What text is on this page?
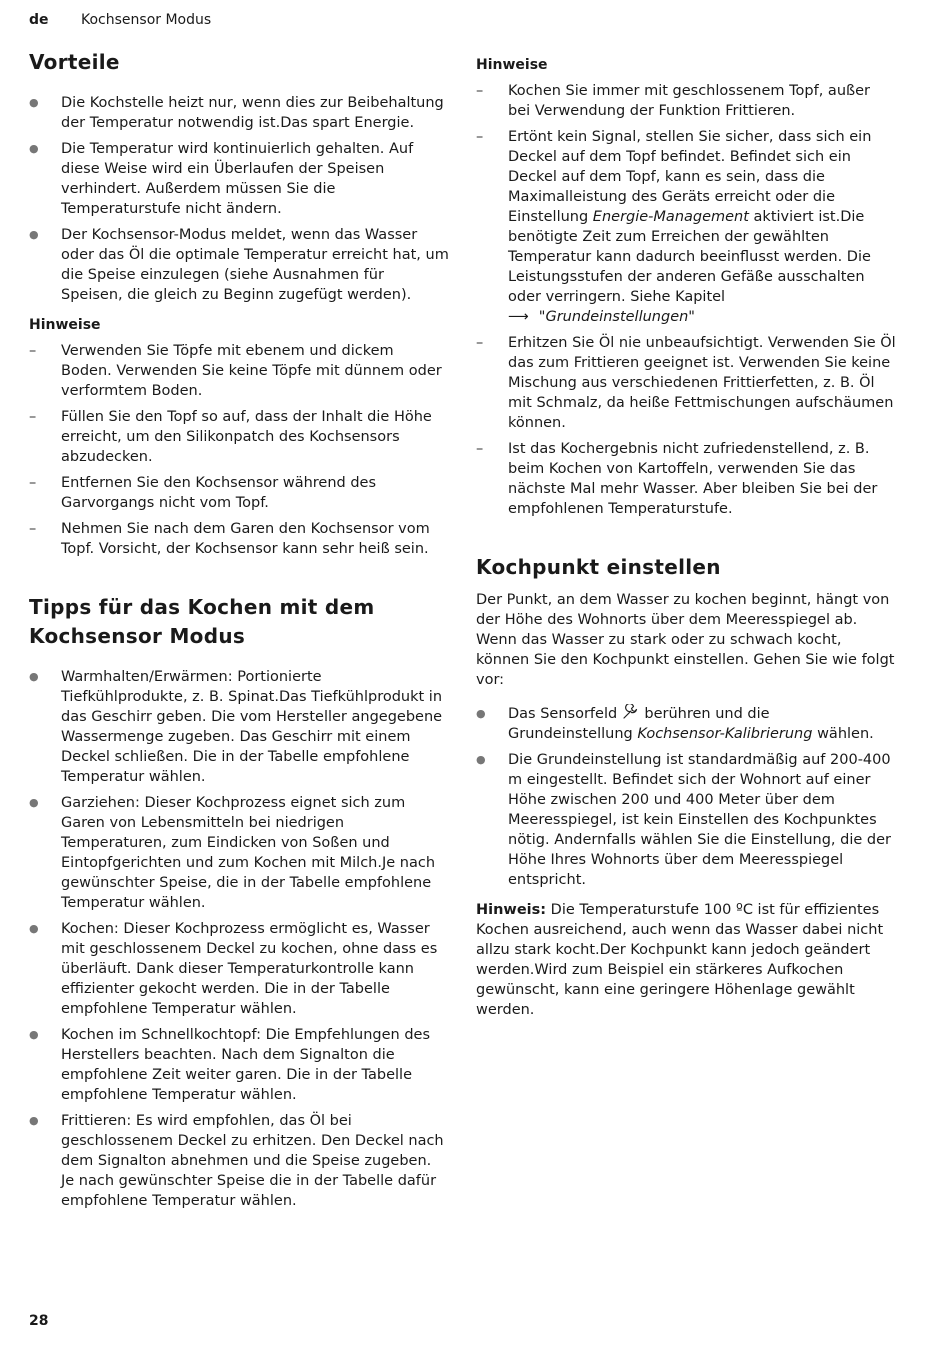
de	Kochsensor Modus
Vorteile
● Die Kochstelle heizt nur, wenn dies zur Beibehaltung der Temperatur notwendig ist.Das spart Energie.
● Die Temperatur wird kontinuierlich gehalten. Auf diese Weise wird ein Überlaufen der Speisen verhindert. Außerdem müssen Sie die Temperaturstufe nicht ändern.
● Der Kochsensor-Modus meldet, wenn das Wasser oder das Öl die optimale Temperatur erreicht hat, um die Speise einzulegen (siehe Ausnahmen für Speisen, die gleich zu Beginn zugefügt werden).
Hinweise
– Verwenden Sie Töpfe mit ebenem und dickem Boden. Verwenden Sie keine Töpfe mit dünnem oder verformtem Boden.
– Füllen Sie den Topf so auf, dass der Inhalt die Höhe erreicht, um den Silikonpatch des Kochsensors abzudecken.
– Entfernen Sie den Kochsensor während des Garvorgangs nicht vom Topf.
– Nehmen Sie nach dem Garen den Kochsensor vom Topf. Vorsicht, der Kochsensor kann sehr heiß sein.
Tipps für das Kochen mit dem Kochsensor Modus
● Warmhalten/Erwärmen: Portionierte Tiefkühlprodukte, z. B. Spinat.Das Tiefkühlprodukt in das Geschirr geben. Die vom Hersteller angegebene Wassermenge zugeben. Das Geschirr mit einem Deckel schließen. Die in der Tabelle empfohlene Temperatur wählen.
● Garziehen: Dieser Kochprozess eignet sich zum Garen von Lebensmitteln bei niedrigen Temperaturen, zum Eindicken von Soßen und Eintopfgerichten und zum Kochen mit Milch.Je nach gewünschter Speise, die in der Tabelle empfohlene Temperatur wählen.
● Kochen: Dieser Kochprozess ermöglicht es, Wasser mit geschlossenem Deckel zu kochen, ohne dass es überläuft. Dank dieser Temperaturkontrolle kann effizienter gekocht werden. Die in der Tabelle empfohlene Temperatur wählen.
● Kochen im Schnellkochtopf: Die Empfehlungen des Herstellers beachten. Nach dem Signalton die empfohlene Zeit weiter garen. Die in der Tabelle empfohlene Temperatur wählen.
● Frittieren: Es wird empfohlen, das Öl bei geschlossenem Deckel zu erhitzen. Den Deckel nach dem Signalton abnehmen und die Speise zugeben. Je nach gewünschter Speise die in der Tabelle dafür empfohlene Temperatur wählen.
Hinweise
– Kochen Sie immer mit geschlossenem Topf, außer bei Verwendung der Funktion Frittieren.
– Ertönt kein Signal, stellen Sie sicher, dass sich ein Deckel auf dem Topf befindet. Befindet sich ein Deckel auf dem Topf, kann es sein, dass die Maximalleistung des Geräts erreicht oder die Einstellung Energie-Management aktiviert ist.Die benötigte Zeit zum Erreichen der gewählten Temperatur kann dadurch beeinflusst werden. Die Leistungsstufen der anderen Gefäße ausschalten oder verringern. Siehe Kapitel
⟶ "Grundeinstellungen"
– Erhitzen Sie Öl nie unbeaufsichtigt. Verwenden Sie Öl das zum Frittieren geeignet ist. Verwenden Sie keine Mischung aus verschiedenen Frittierfetten, z. B. Öl mit Schmalz, da heiße Fettmischungen aufschäumen können.
– Ist das Kochergebnis nicht zufriedenstellend, z. B. beim Kochen von Kartoffeln, verwenden Sie das nächste Mal mehr Wasser. Aber bleiben Sie bei der empfohlenen Temperaturstufe.
Kochpunkt einstellen

Der Punkt, an dem Wasser zu kochen beginnt, hängt von der Höhe des Wohnorts über dem Meeresspiegel ab. Wenn das Wasser zu stark oder zu schwach kocht, können Sie den Kochpunkt einstellen. Gehen Sie wie folgt vor:

● Das Sensorfeld  berühren und die Grundeinstellung Kochsensor-Kalibrierung wählen.
● Die Grundeinstellung ist standardmäßig auf 200-400 m eingestellt. Befindet sich der Wohnort auf einer Höhe zwischen 200 und 400 Meter über dem Meeresspiegel, ist kein Einstellen des Kochpunktes nötig. Andernfalls wählen Sie die Einstellung, die der Höhe Ihres Wohnorts über dem Meeresspiegel entspricht.

Hinweis: Die Temperaturstufe 100 ºC ist für effizientes Kochen ausreichend, auch wenn das Wasser dabei nicht allzu stark kocht.Der Kochpunkt kann jedoch geändert werden.Wird zum Beispiel ein stärkeres Aufkochen gewünscht, kann eine geringere Höhenlage gewählt werden.

28
